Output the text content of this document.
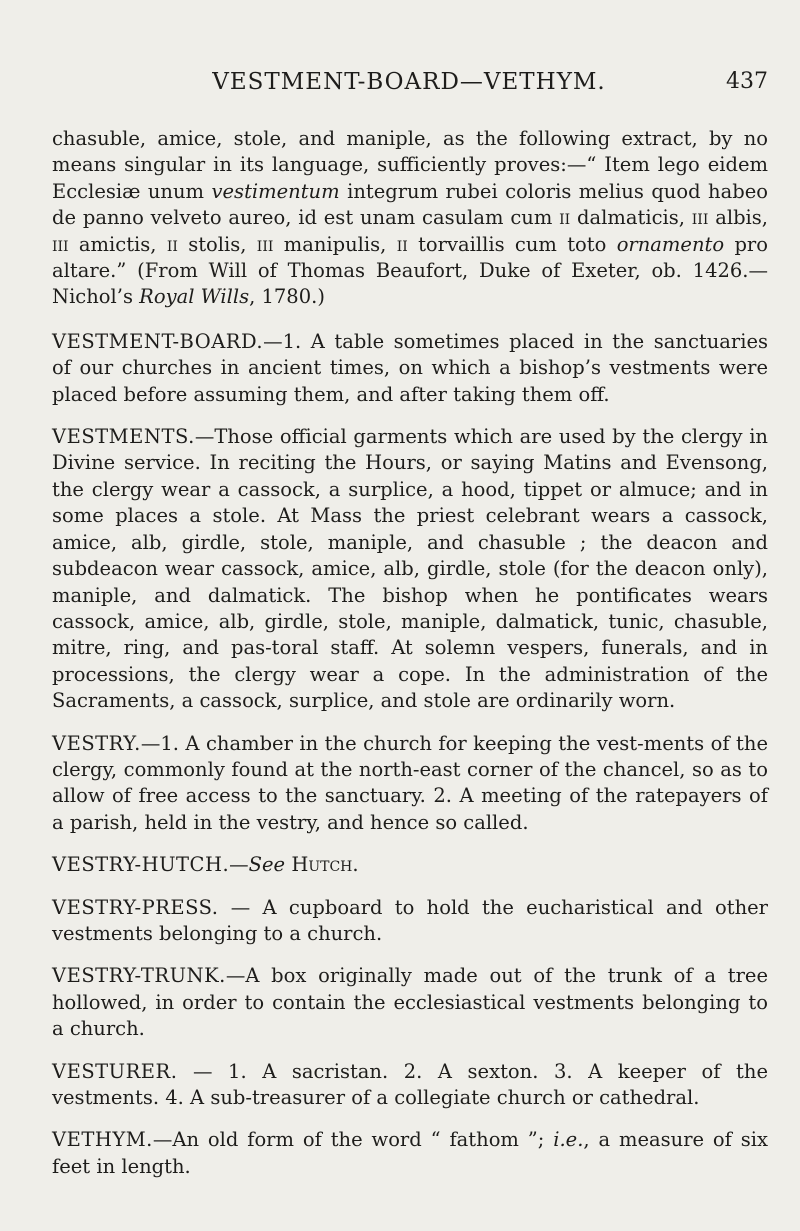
VESTMENT-BOARD—VETHYM.	437

chasuble, amice, stole, and maniple, as the following extract, by no means singular in its language, sufficiently proves:—“ Item lego eidem Ecclesiæ unum vestimentum integrum rubei coloris melius quod habeo de panno velveto aureo, id est unam casulam cum ii dalmaticis, iii albis, iii amictis, ii stolis, iii manipulis, ii torvaillis cum toto ornamento pro altare.” (From Will of Thomas Beaufort, Duke of Exeter, ob. 1426.—Nichol’s Royal Wills, 1780.)

VESTMENT-BOARD.—1. A table sometimes placed in the sanctuaries of our churches in ancient times, on which a bishop’s vestments were placed before assuming them, and after taking them off.

VESTMENTS.—Those official garments which are used by the clergy in Divine service. In reciting the Hours, or saying Matins and Evensong, the clergy wear a cassock, a surplice, a hood, tippet or almuce; and in some places a stole. At Mass the priest celebrant wears a cassock, amice, alb, girdle, stole, maniple, and chasuble ; the deacon and subdeacon wear cassock, amice, alb, girdle, stole (for the deacon only), maniple, and dalmatick. The bishop when he pontificates wears cassock, amice, alb, girdle, stole, maniple, dalmatick, tunic, chasuble, mitre, ring, and pas-toral staff. At solemn vespers, funerals, and in processions, the clergy wear a cope. In the administration of the Sacraments, a cassock, surplice, and stole are ordinarily worn.

VESTRY.—1. A chamber in the church for keeping the vest-ments of the clergy, commonly found at the north-east corner of the chancel, so as to allow of free access to the sanctuary. 2. A meeting of the ratepayers of a parish, held in the vestry, and hence so called.

VESTRY-HUTCH.—See Hutch.

VESTRY-PRESS. — A cupboard to hold the eucharistical and other vestments belonging to a church.

VESTRY-TRUNK.—A box originally made out of the trunk of a tree hollowed, in order to contain the ecclesiastical vestments belonging to a church.

VESTURER. — 1. A sacristan. 2. A sexton. 3. A keeper of the vestments. 4. A sub-treasurer of a collegiate church or cathedral.

VETHYM.—An old form of the word “ fathom ”; i.e., a measure of six feet in length.
